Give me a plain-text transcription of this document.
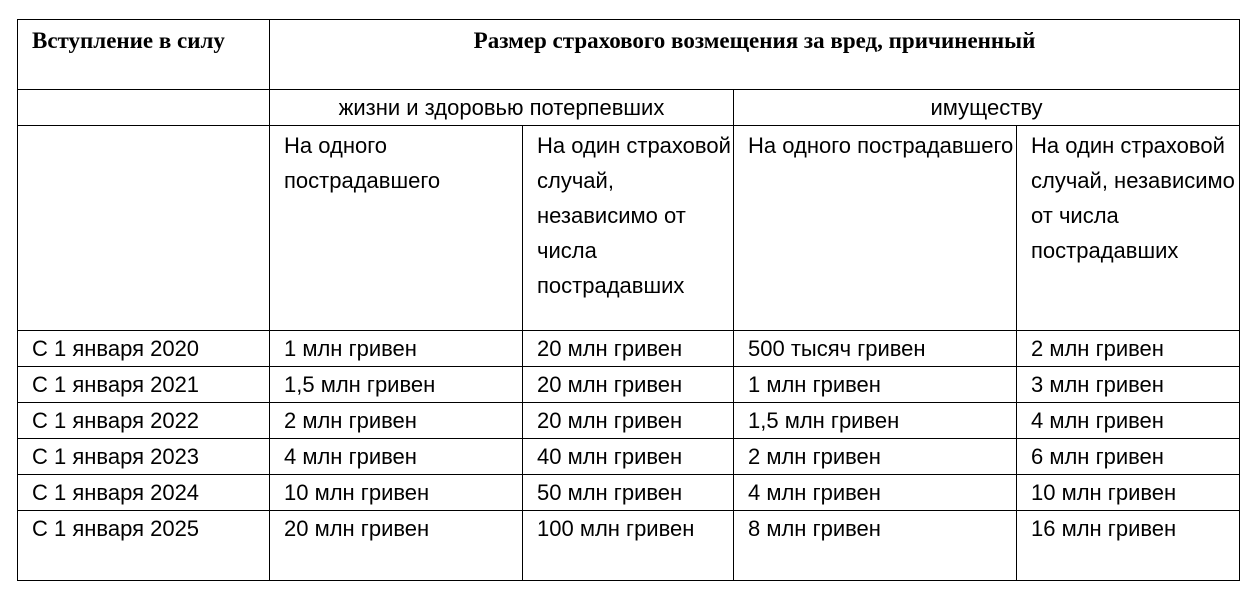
Вступление в силу	Размер страхового возмещения за вред, причиненный			
	жизни и здоровью потерпевших		имуществу	
	На одного пострадавшего	На один страховой случай, независимо от числа пострадавших	На одного пострадавшего	На один страховой случай, независимо от числа пострадавших
С 1 января 2020	1 млн гривен	20 млн гривен	500 тысяч гривен	2 млн гривен
С 1 января 2021	1,5 млн гривен	20 млн гривен	1 млн гривен	3 млн гривен
С 1 января 2022	2 млн гривен	20 млн гривен	1,5 млн гривен	4 млн гривен
С 1 января 2023	4 млн гривен	40 млн гривен	2 млн гривен	6 млн гривен
С 1 января 2024	10 млн гривен	50 млн гривен	4 млн гривен	10 млн гривен
С 1 января 2025	20 млн гривен	100 млн гривен	8 млн гривен	16 млн гривен
